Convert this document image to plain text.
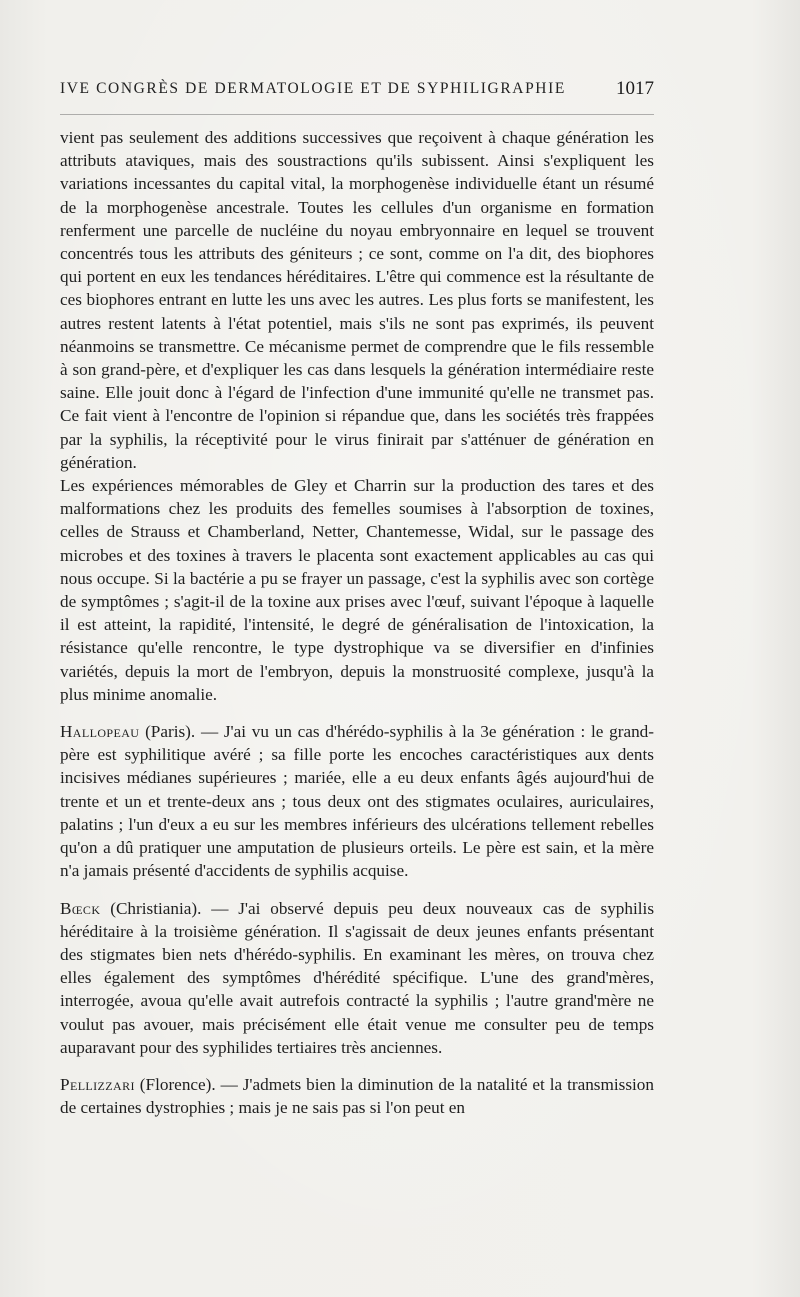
IVE CONGRÈS DE DERMATOLOGIE ET DE SYPHILIGRAPHIE	1017

vient pas seulement des additions successives que reçoivent à chaque génération les attributs ataviques, mais des soustractions qu'ils subissent. Ainsi s'expliquent les variations incessantes du capital vital, la morphogenèse individuelle étant un résumé de la morphogenèse ancestrale. Toutes les cellules d'un organisme en formation renferment une parcelle de nucléine du noyau embryonnaire en lequel se trouvent concentrés tous les attributs des géniteurs ; ce sont, comme on l'a dit, des biophores qui portent en eux les tendances héréditaires. L'être qui commence est la résultante de ces biophores entrant en lutte les uns avec les autres. Les plus forts se manifestent, les autres restent latents à l'état potentiel, mais s'ils ne sont pas exprimés, ils peuvent néanmoins se transmettre. Ce mécanisme permet de comprendre que le fils ressemble à son grand-père, et d'expliquer les cas dans lesquels la génération intermédiaire reste saine. Elle jouit donc à l'égard de l'infection d'une immunité qu'elle ne transmet pas. Ce fait vient à l'encontre de l'opinion si répandue que, dans les sociétés très frappées par la syphilis, la réceptivité pour le virus finirait par s'atténuer de génération en génération.

Les expériences mémorables de Gley et Charrin sur la production des tares et des malformations chez les produits des femelles soumises à l'absorption de toxines, celles de Strauss et Chamberland, Netter, Chantemesse, Widal, sur le passage des microbes et des toxines à travers le placenta sont exactement applicables au cas qui nous occupe. Si la bactérie a pu se frayer un passage, c'est la syphilis avec son cortège de symptômes ; s'agit-il de la toxine aux prises avec l'œuf, suivant l'époque à laquelle il est atteint, la rapidité, l'intensité, le degré de généralisation de l'intoxication, la résistance qu'elle rencontre, le type dystrophique va se diversifier en d'infinies variétés, depuis la mort de l'embryon, depuis la monstruosité complexe, jusqu'à la plus minime anomalie.

Hallopeau (Paris). — J'ai vu un cas d'hérédo-syphilis à la 3e génération : le grand-père est syphilitique avéré ; sa fille porte les encoches caractéristiques aux dents incisives médianes supérieures ; mariée, elle a eu deux enfants âgés aujourd'hui de trente et un et trente-deux ans ; tous deux ont des stigmates oculaires, auriculaires, palatins ; l'un d'eux a eu sur les membres inférieurs des ulcérations tellement rebelles qu'on a dû pratiquer une amputation de plusieurs orteils. Le père est sain, et la mère n'a jamais présenté d'accidents de syphilis acquise.

Bœck (Christiania). — J'ai observé depuis peu deux nouveaux cas de syphilis héréditaire à la troisième génération. Il s'agissait de deux jeunes enfants présentant des stigmates bien nets d'hérédo-syphilis. En examinant les mères, on trouva chez elles également des symptômes d'hérédité spécifique. L'une des grand'mères, interrogée, avoua qu'elle avait autrefois contracté la syphilis ; l'autre grand'mère ne voulut pas avouer, mais précisément elle était venue me consulter peu de temps auparavant pour des syphilides tertiaires très anciennes.

Pellizzari (Florence). — J'admets bien la diminution de la natalité et la transmission de certaines dystrophies ; mais je ne sais pas si l'on peut en
